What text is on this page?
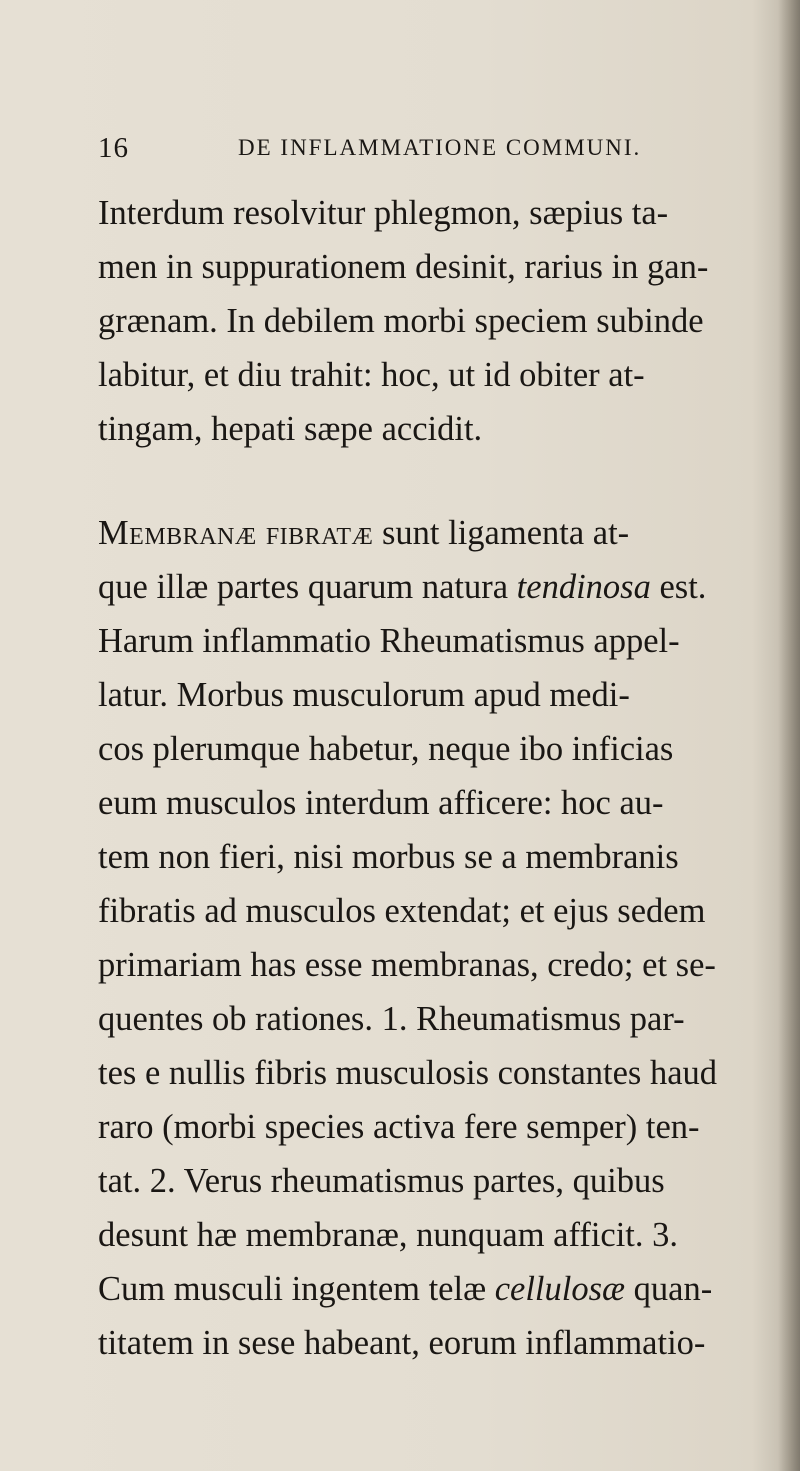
16	DE INFLAMMATIONE COMMUNI.
Interdum resolvitur phlegmon, sæpius ta-
men in suppurationem desinit, rarius in gan-
grænam. In debilem morbi speciem subinde
labitur, et diu trahit: hoc, ut id obiter at-
tingam, hepati sæpe accidit.
Membranæ fibratæ sunt ligamenta at-
que illæ partes quarum natura tendinosa est.
Harum inflammatio Rheumatismus appel-
latur. Morbus musculorum apud medi-
cos plerumque habetur, neque ibo inficias
eum musculos interdum afficere: hoc au-
tem non fieri, nisi morbus se a membranis
fibratis ad musculos extendat; et ejus sedem
primariam has esse membranas, credo; et se-
quentes ob rationes. 1. Rheumatismus par-
tes e nullis fibris musculosis constantes haud
raro (morbi species activa fere semper) ten-
tat. 2. Verus rheumatismus partes, quibus
desunt hæ membranæ, nunquam afficit. 3.
Cum musculi ingentem telæ cellulosæ quan-
titatem in sese habeant, eorum inflammatio-
